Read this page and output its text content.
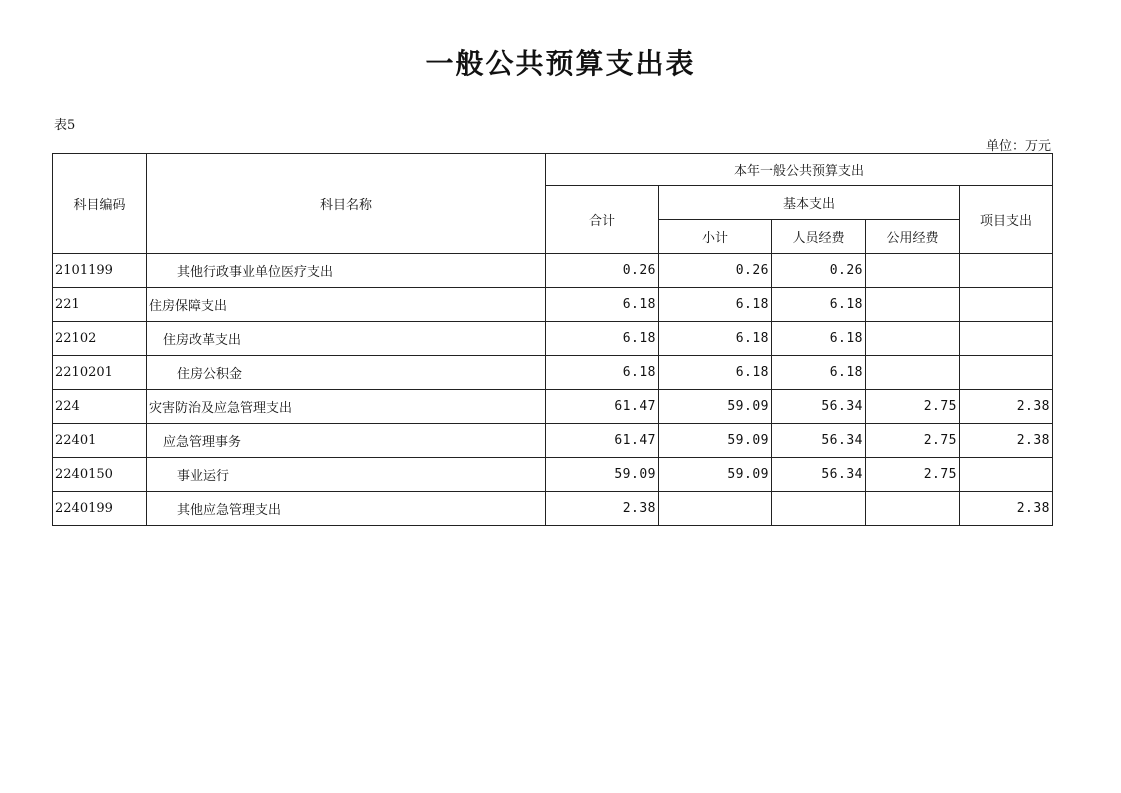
一般公共预算支出表
表5
单位：万元
科目编码	科目名称	本年一般公共预算支出				
		合计	基本支出			项目支出
			小计	人员经费	公用经费	
2101199	其他行政事业单位医疗支出	0.26	0.26	0.26		
221	住房保障支出	6.18	6.18	6.18		
22102	住房改革支出	6.18	6.18	6.18		
2210201	住房公积金	6.18	6.18	6.18		
224	灾害防治及应急管理支出	61.47	59.09	56.34	2.75	2.38
22401	应急管理事务	61.47	59.09	56.34	2.75	2.38
2240150	事业运行	59.09	59.09	56.34	2.75	
2240199	其他应急管理支出	2.38				2.38
